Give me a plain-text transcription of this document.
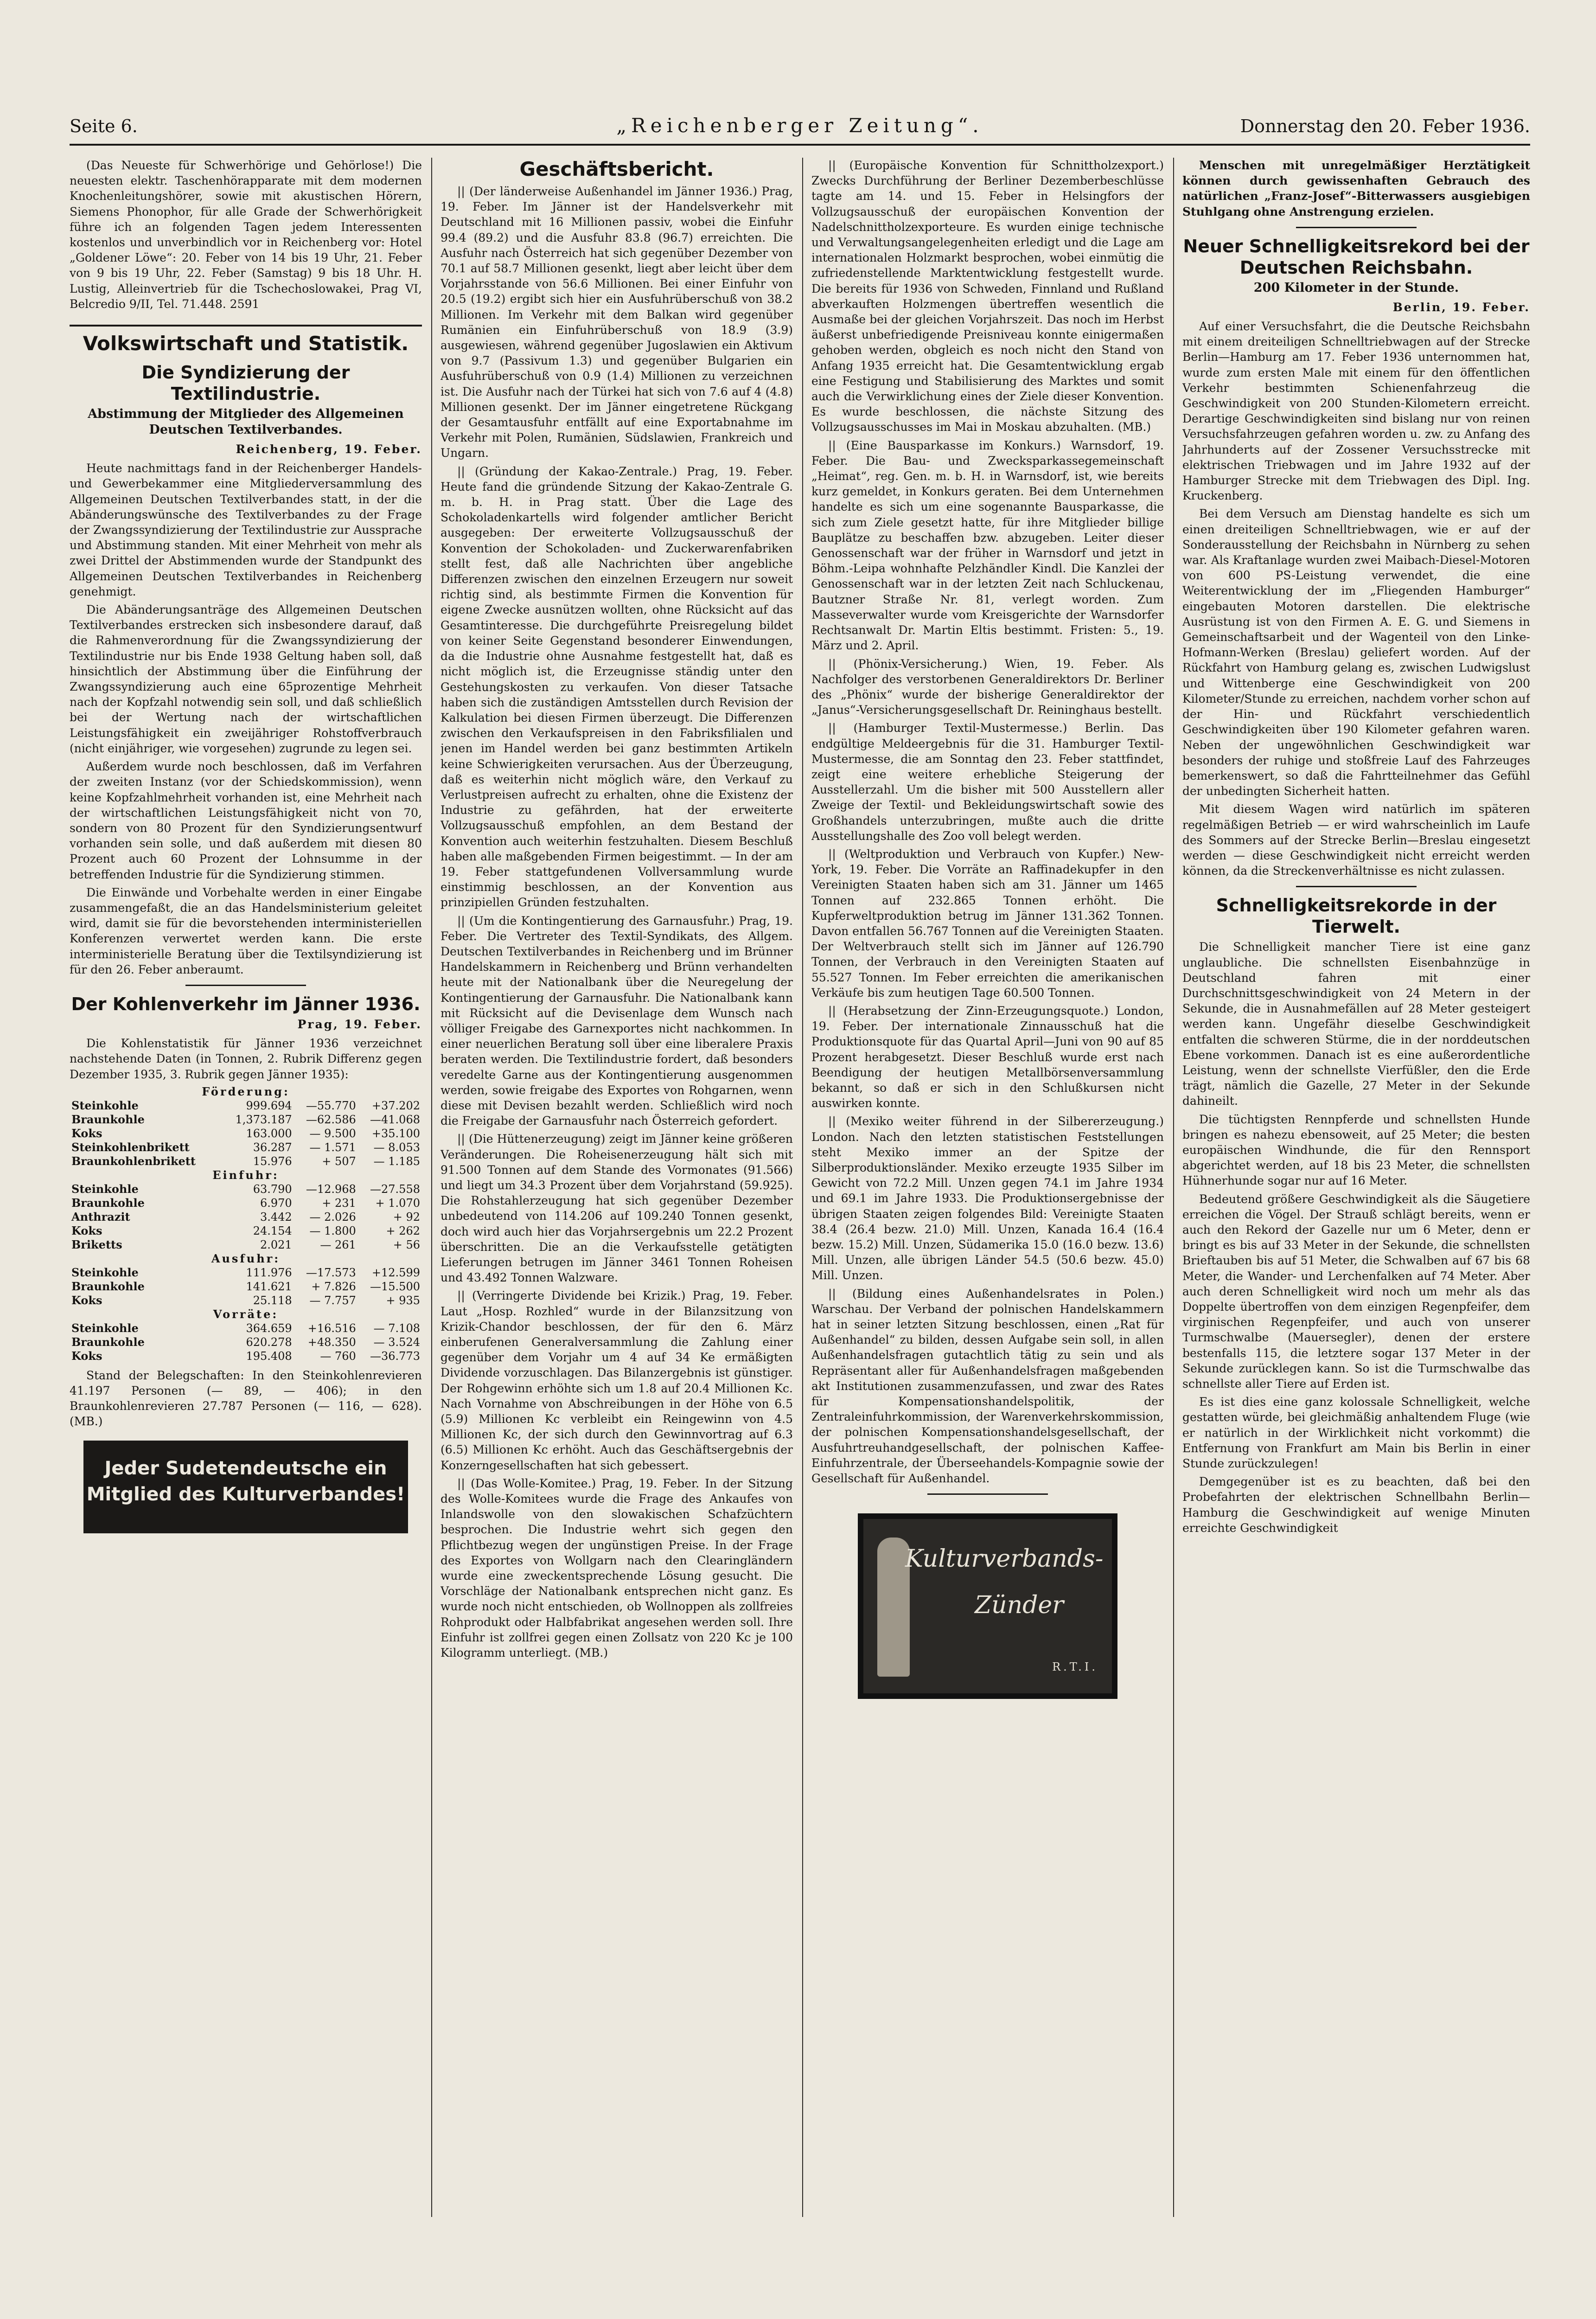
Seite 6.	„Reichenberger Zeitung“.	Donnerstag den 20. Feber 1936.

(Das Neueste für Schwerhörige und Gehörlose!) Die neuesten elektr. Taschenhörapparate mit dem modernen Knochenleitungshörer, sowie mit akustischen Hörern, Siemens Phonophor, für alle Grade der Schwerhörigkeit führe ich an folgenden Tagen jedem Interessenten kostenlos und unverbindlich vor in Reichenberg vor: Hotel „Goldener Löwe“: 20. Feber von 14 bis 19 Uhr, 21. Feber von 9 bis 19 Uhr, 22. Feber (Samstag) 9 bis 18 Uhr. H. Lustig, Alleinvertrieb für die Tschechoslowakei, Prag VI, Belcredio 9/II, Tel. 71.448. 2591

Volkswirtschaft und Statistik.
Die Syndizierung der Textilindustrie.
Abstimmung der Mitglieder des Allgemeinen Deutschen Textilverbandes.
Reichenberg, 19. Feber.

Heute nachmittags fand in der Reichenberger Handels- und Gewerbekammer eine Mitgliederversammlung des Allgemeinen Deutschen Textilverbandes statt, in der die Abänderungswünsche des Textilverbandes zu der Frage der Zwangssyndizierung der Textilindustrie zur Aussprache und Abstimmung standen. Mit einer Mehrheit von mehr als zwei Drittel der Abstimmenden wurde der Standpunkt des Allgemeinen Deutschen Textilverbandes in Reichenberg genehmigt.

Die Abänderungsanträge des Allgemeinen Deutschen Textilverbandes erstrecken sich insbesondere darauf, daß die Rahmenverordnung für die Zwangssyndizierung der Textilindustrie nur bis Ende 1938 Geltung haben soll, daß hinsichtlich der Abstimmung über die Einführung der Zwangssyndizierung auch eine 65prozentige Mehrheit nach der Kopfzahl notwendig sein soll, und daß schließlich bei der Wertung nach der wirtschaftlichen Leistungsfähigkeit ein zweijähriger Rohstoffverbrauch (nicht einjähriger, wie vorgesehen) zugrunde zu legen sei.

Außerdem wurde noch beschlossen, daß im Verfahren der zweiten Instanz (vor der Schiedskommission), wenn keine Kopfzahlmehrheit vorhanden ist, eine Mehrheit nach der wirtschaftlichen Leistungsfähigkeit nicht von 70, sondern von 80 Prozent für den Syndizierungsentwurf vorhanden sein solle, und daß außerdem mit diesen 80 Prozent auch 60 Prozent der Lohnsumme in der betreffenden Industrie für die Syndizierung stimmen.

Die Einwände und Vorbehalte werden in einer Eingabe zusammengefaßt, die an das Handelsministerium geleitet wird, damit sie für die bevorstehenden interministeriellen Konferenzen verwertet werden kann. Die erste interministerielle Beratung über die Textilsyndizierung ist für den 26. Feber anberaumt.

Der Kohlenverkehr im Jänner 1936.
Prag, 19. Feber.

Die Kohlenstatistik für Jänner 1936 verzeichnet nachstehende Daten (in Tonnen, 2. Rubrik Differenz gegen Dezember 1935, 3. Rubrik gegen Jänner 1935):

Förderung:			
Steinkohle	999.694	—55.770	+37.202
Braunkohle	1,373.187	—62.586	—41.068
Koks	163.000	— 9.500	+35.100
Steinkohlenbrikett	36.287	— 1.571	— 8.053
Braunkohlenbrikett	15.976	+ 507	— 1.185
Einfuhr:			
Steinkohle	63.790	—12.968	—27.558
Braunkohle	6.970	+ 231	+ 1.070
Anthrazit	3.442	— 2.026	+ 92
Koks	24.154	— 1.800	+ 262
Briketts	2.021	— 261	+ 56
Ausfuhr:			
Steinkohle	111.976	—17.573	+12.599
Braunkohle	141.621	+ 7.826	—15.500
Koks	25.118	— 7.757	+ 935
Vorräte:			
Steinkohle	364.659	+16.516	— 7.108
Braunkohle	620.278	+48.350	— 3.524
Koks	195.408	— 760	—36.773

Stand der Belegschaften: In den Steinkohlenrevieren 41.197 Personen (— 89, — 406); in den Braunkohlenrevieren 27.787 Personen (— 116, — 628). (MB.)

Jeder Sudetendeutsche ein Mitglied des Kulturverbandes!
Geschäftsbericht.

|| (Der länderweise Außenhandel im Jänner 1936.) Prag, 19. Feber. Im Jänner ist der Handelsverkehr mit Deutschland mit 16 Millionen passiv, wobei die Einfuhr 99.4 (89.2) und die Ausfuhr 83.8 (96.7) erreichten. Die Ausfuhr nach Österreich hat sich gegenüber Dezember von 70.1 auf 58.7 Millionen gesenkt, liegt aber leicht über dem Vorjahrsstande von 56.6 Millionen. Bei einer Einfuhr von 20.5 (19.2) ergibt sich hier ein Ausfuhrüberschuß von 38.2 Millionen. Im Verkehr mit dem Balkan wird gegenüber Rumänien ein Einfuhrüberschuß von 18.9 (3.9) ausgewiesen, während gegenüber Jugoslawien ein Aktivum von 9.7 (Passivum 1.3) und gegenüber Bulgarien ein Ausfuhrüberschuß von 0.9 (1.4) Millionen zu verzeichnen ist. Die Ausfuhr nach der Türkei hat sich von 7.6 auf 4 (4.8) Millionen gesenkt. Der im Jänner eingetretene Rückgang der Gesamtausfuhr entfällt auf eine Exportabnahme im Verkehr mit Polen, Rumänien, Südslawien, Frankreich und Ungarn.

|| (Gründung der Kakao-Zentrale.) Prag, 19. Feber. Heute fand die gründende Sitzung der Kakao-Zentrale G. m. b. H. in Prag statt. Über die Lage des Schokoladenkartells wird folgender amtlicher Bericht ausgegeben: Der erweiterte Vollzugsausschuß der Konvention der Schokoladen- und Zuckerwarenfabriken stellt fest, daß alle Nachrichten über angebliche Differenzen zwischen den einzelnen Erzeugern nur soweit richtig sind, als bestimmte Firmen die Konvention für eigene Zwecke ausnützen wollten, ohne Rücksicht auf das Gesamtinteresse. Die durchgeführte Preisregelung bildet von keiner Seite Gegenstand besonderer Einwendungen, da die Industrie ohne Ausnahme festgestellt hat, daß es nicht möglich ist, die Erzeugnisse ständig unter den Gestehungskosten zu verkaufen. Von dieser Tatsache haben sich die zuständigen Amtsstellen durch Revision der Kalkulation bei diesen Firmen überzeugt. Die Differenzen zwischen den Verkaufspreisen in den Fabriksfilialen und jenen im Handel werden bei ganz bestimmten Artikeln keine Schwierigkeiten verursachen. Aus der Überzeugung, daß es weiterhin nicht möglich wäre, den Verkauf zu Verlustpreisen aufrecht zu erhalten, ohne die Existenz der Industrie zu gefährden, hat der erweiterte Vollzugsausschuß empfohlen, an dem Bestand der Konvention auch weiterhin festzuhalten. Diesem Beschluß haben alle maßgebenden Firmen beigestimmt. — In der am 19. Feber stattgefundenen Vollversammlung wurde einstimmig beschlossen, an der Konvention aus prinzipiellen Gründen festzuhalten.

|| (Um die Kontingentierung des Garnausfuhr.) Prag, 19. Feber. Die Vertreter des Textil-Syndikats, des Allgem. Deutschen Textilverbandes in Reichenberg und im Brünner Handelskammern in Reichenberg und Brünn verhandelten heute mit der Nationalbank über die Neuregelung der Kontingentierung der Garnausfuhr. Die Nationalbank kann mit Rücksicht auf die Devisenlage dem Wunsch nach völliger Freigabe des Garnexportes nicht nachkommen. In einer neuerlichen Beratung soll über eine liberalere Praxis beraten werden. Die Textilindustrie fordert, daß besonders veredelte Garne aus der Kontingentierung ausgenommen werden, sowie freigabe des Exportes von Rohgarnen, wenn diese mit Devisen bezahlt werden. Schließlich wird noch die Freigabe der Garnausfuhr nach Österreich gefordert.

|| (Die Hüttenerzeugung) zeigt im Jänner keine größeren Veränderungen. Die Roheisenerzeugung hält sich mit 91.500 Tonnen auf dem Stande des Vormonates (91.566) und liegt um 34.3 Prozent über dem Vorjahrstand (59.925). Die Rohstahlerzeugung hat sich gegenüber Dezember unbedeutend von 114.206 auf 109.240 Tonnen gesenkt, doch wird auch hier das Vorjahrsergebnis um 22.2 Prozent überschritten. Die an die Verkaufsstelle getätigten Lieferungen betrugen im Jänner 3461 Tonnen Roheisen und 43.492 Tonnen Walzware.

|| (Verringerte Dividende bei Krizik.) Prag, 19. Feber. Laut „Hosp. Rozhled“ wurde in der Bilanzsitzung von Krizik-Chandor beschlossen, der für den 6. März einberufenen Generalversammlung die Zahlung einer gegenüber dem Vorjahr um 4 auf 34 Ke ermäßigten Dividende vorzuschlagen. Das Bilanzergebnis ist günstiger. Der Rohgewinn erhöhte sich um 1.8 auf 20.4 Millionen Kc. Nach Vornahme von Abschreibungen in der Höhe von 6.5 (5.9) Millionen Kc verbleibt ein Reingewinn von 4.5 Millionen Kc, der sich durch den Gewinnvortrag auf 6.3 (6.5) Millionen Kc erhöht. Auch das Geschäftsergebnis der Konzerngesellschaften hat sich gebessert.

|| (Das Wolle-Komitee.) Prag, 19. Feber. In der Sitzung des Wolle-Komitees wurde die Frage des Ankaufes von Inlandswolle von den slowakischen Schafzüchtern besprochen. Die Industrie wehrt sich gegen den Pflichtbezug wegen der ungünstigen Preise. In der Frage des Exportes von Wollgarn nach den Clearingländern wurde eine zweckentsprechende Lösung gesucht. Die Vorschläge der Nationalbank entsprechen nicht ganz. Es wurde noch nicht entschieden, ob Wollnoppen als zollfreies Rohprodukt oder Halbfabrikat angesehen werden soll. Ihre Einfuhr ist zollfrei gegen einen Zollsatz von 220 Kc je 100 Kilogramm unterliegt. (MB.)

|| (Europäische Konvention für Schnittholzexport.) Zwecks Durchführung der Berliner Dezemberbeschlüsse tagte am 14. und 15. Feber in Helsingfors der Vollzugsausschuß der europäischen Konvention der Nadelschnittholzexporteure. Es wurden einige technische und Verwaltungsangelegenheiten erledigt und die Lage am internationalen Holzmarkt besprochen, wobei einmütig die zufriedenstellende Marktentwicklung festgestellt wurde. Die bereits für 1936 von Schweden, Finnland und Rußland abverkauften Holzmengen übertreffen wesentlich die Ausmaße bei der gleichen Vorjahrszeit. Das noch im Herbst äußerst unbefriedigende Preisniveau konnte einigermaßen gehoben werden, obgleich es noch nicht den Stand von Anfang 1935 erreicht hat. Die Gesamtentwicklung ergab eine Festigung und Stabilisierung des Marktes und somit auch die Verwirklichung eines der Ziele dieser Konvention. Es wurde beschlossen, die nächste Sitzung des Vollzugsausschusses im Mai in Moskau abzuhalten. (MB.)

|| (Eine Bausparkasse im Konkurs.) Warnsdorf, 19. Feber. Die Bau- und Zwecksparkassegemeinschaft „Heimat“, reg. Gen. m. b. H. in Warnsdorf, ist, wie bereits kurz gemeldet, in Konkurs geraten. Bei dem Unternehmen handelte es sich um eine sogenannte Bausparkasse, die sich zum Ziele gesetzt hatte, für ihre Mitglieder billige Bauplätze zu beschaffen bzw. abzugeben. Leiter dieser Genossenschaft war der früher in Warnsdorf und jetzt in Böhm.-Leipa wohnhafte Pelzhändler Kindl. Die Kanzlei der Genossenschaft war in der letzten Zeit nach Schluckenau, Bautzner Straße Nr. 81, verlegt worden. Zum Masseverwalter wurde vom Kreisgerichte der Warnsdorfer Rechtsanwalt Dr. Martin Eltis bestimmt. Fristen: 5., 19. März und 2. April.

|| (Phönix-Versicherung.) Wien, 19. Feber. Als Nachfolger des verstorbenen Generaldirektors Dr. Berliner des „Phönix“ wurde der bisherige Generaldirektor der „Janus“-Versicherungsgesellschaft Dr. Reininghaus bestellt.

|| (Hamburger Textil-Mustermesse.) Berlin. Das endgültige Meldeergebnis für die 31. Hamburger Textil-Mustermesse, die am Sonntag den 23. Feber stattfindet, zeigt eine weitere erhebliche Steigerung der Ausstellerzahl. Um die bisher mit 500 Ausstellern aller Zweige der Textil- und Bekleidungswirtschaft sowie des Großhandels unterzubringen, mußte auch die dritte Ausstellungshalle des Zoo voll belegt werden.

|| (Weltproduktion und Verbrauch von Kupfer.) New-York, 19. Feber. Die Vorräte an Raffinadekupfer in den Vereinigten Staaten haben sich am 31. Jänner um 1465 Tonnen auf 232.865 Tonnen erhöht. Die Kupferweltproduktion betrug im Jänner 131.362 Tonnen. Davon entfallen 56.767 Tonnen auf die Vereinigten Staaten. Der Weltverbrauch stellt sich im Jänner auf 126.790 Tonnen, der Verbrauch in den Vereinigten Staaten auf 55.527 Tonnen. Im Feber erreichten die amerikanischen Verkäufe bis zum heutigen Tage 60.500 Tonnen.

|| (Herabsetzung der Zinn-Erzeugungsquote.) London, 19. Feber. Der internationale Zinnausschuß hat die Produktionsquote für das Quartal April—Juni von 90 auf 85 Prozent herabgesetzt. Dieser Beschluß wurde erst nach Beendigung der heutigen Metallbörsenversammlung bekannt, so daß er sich in den Schlußkursen nicht auswirken konnte.

|| (Mexiko weiter führend in der Silbererzeugung.) London. Nach den letzten statistischen Feststellungen steht Mexiko immer an der Spitze der Silberproduktionsländer. Mexiko erzeugte 1935 Silber im Gewicht von 72.2 Mill. Unzen gegen 74.1 im Jahre 1934 und 69.1 im Jahre 1933. Die Produktionsergebnisse der übrigen Staaten zeigen folgendes Bild: Vereinigte Staaten 38.4 (26.4 bezw. 21.0) Mill. Unzen, Kanada 16.4 (16.4 bezw. 15.2) Mill. Unzen, Südamerika 15.0 (16.0 bezw. 13.6) Mill. Unzen, alle übrigen Länder 54.5 (50.6 bezw. 45.0) Mill. Unzen.

|| (Bildung eines Außenhandelsrates in Polen.) Warschau. Der Verband der polnischen Handelskammern hat in seiner letzten Sitzung beschlossen, einen „Rat für Außenhandel“ zu bilden, dessen Aufgabe sein soll, in allen Außenhandelsfragen gutachtlich tätig zu sein und als Repräsentant aller für Außenhandelsfragen maßgebenden akt Institutionen zusammenzufassen, und zwar des Rates für Kompensationshandelspolitik, der Zentraleinfuhrkommission, der Warenverkehrskommission, der polnischen Kompensationshandelsgesellschaft, der Ausfuhrtreuhandgesellschaft, der polnischen Kaffee-Einfuhrzentrale, der Überseehandels-Kompagnie sowie der Gesellschaft für Außenhandel.

Kulturverbands-
Zünder
R.T.I.

Menschen mit unregelmäßiger Herztätigkeit können durch gewissenhaften Gebrauch des natürlichen „Franz-Josef“-Bitterwassers ausgiebigen Stuhlgang ohne Anstrengung erzielen.

Neuer Schnelligkeitsrekord bei der Deutschen Reichsbahn.
200 Kilometer in der Stunde.
Berlin, 19. Feber.

Auf einer Versuchsfahrt, die die Deutsche Reichsbahn mit einem dreiteiligen Schnelltriebwagen auf der Strecke Berlin—Hamburg am 17. Feber 1936 unternommen hat, wurde zum ersten Male mit einem für den öffentlichen Verkehr bestimmten Schienenfahrzeug die Geschwindigkeit von 200 Stunden-Kilometern erreicht. Derartige Geschwindigkeiten sind bislang nur von reinen Versuchsfahrzeugen gefahren worden u. zw. zu Anfang des Jahrhunderts auf der Zossener Versuchsstrecke mit elektrischen Triebwagen und im Jahre 1932 auf der Hamburger Strecke mit dem Triebwagen des Dipl. Ing. Kruckenberg.

Bei dem Versuch am Dienstag handelte es sich um einen dreiteiligen Schnelltriebwagen, wie er auf der Sonderausstellung der Reichsbahn in Nürnberg zu sehen war. Als Kraftanlage wurden zwei Maibach-Diesel-Motoren von 600 PS-Leistung verwendet, die eine Weiterentwicklung der im „Fliegenden Hamburger“ eingebauten Motoren darstellen. Die elektrische Ausrüstung ist von den Firmen A. E. G. und Siemens in Gemeinschaftsarbeit und der Wagenteil von den Linke-Hofmann-Werken (Breslau) geliefert worden. Auf der Rückfahrt von Hamburg gelang es, zwischen Ludwigslust und Wittenberge eine Geschwindigkeit von 200 Kilometer/Stunde zu erreichen, nachdem vorher schon auf der Hin- und Rückfahrt verschiedentlich Geschwindigkeiten über 190 Kilometer gefahren waren. Neben der ungewöhnlichen Geschwindigkeit war besonders der ruhige und stoßfreie Lauf des Fahrzeuges bemerkenswert, so daß die Fahrtteilnehmer das Gefühl der unbedingten Sicherheit hatten.

Mit diesem Wagen wird natürlich im späteren regelmäßigen Betrieb — er wird wahrscheinlich im Laufe des Sommers auf der Strecke Berlin—Breslau eingesetzt werden — diese Geschwindigkeit nicht erreicht werden können, da die Streckenverhältnisse es nicht zulassen.

Schnelligkeitsrekorde in der Tierwelt.

Die Schnelligkeit mancher Tiere ist eine ganz unglaubliche. Die schnellsten Eisenbahnzüge in Deutschland fahren mit einer Durchschnittsgeschwindigkeit von 24 Metern in der Sekunde, die in Ausnahmefällen auf 28 Meter gesteigert werden kann. Ungefähr dieselbe Geschwindigkeit entfalten die schweren Stürme, die in der norddeutschen Ebene vorkommen. Danach ist es eine außerordentliche Leistung, wenn der schnellste Vierfüßler, den die Erde trägt, nämlich die Gazelle, 27 Meter in der Sekunde dahineilt.

Die tüchtigsten Rennpferde und schnellsten Hunde bringen es nahezu ebensoweit, auf 25 Meter; die besten europäischen Windhunde, die für den Rennsport abgerichtet werden, auf 18 bis 23 Meter, die schnellsten Hühnerhunde sogar nur auf 16 Meter.

Bedeutend größere Geschwindigkeit als die Säugetiere erreichen die Vögel. Der Strauß schlägt bereits, wenn er auch den Rekord der Gazelle nur um 6 Meter, denn er bringt es bis auf 33 Meter in der Sekunde, die schnellsten Brieftauben bis auf 51 Meter, die Schwalben auf 67 bis 68 Meter, die Wander- und Lerchenfalken auf 74 Meter. Aber auch deren Schnelligkeit wird noch um mehr als das Doppelte übertroffen von dem einzigen Regenpfeifer, dem virginischen Regenpfeifer, und auch von unserer Turmschwalbe (Mauersegler), denen der erstere bestenfalls 115, die letztere sogar 137 Meter in der Sekunde zurücklegen kann. So ist die Turmschwalbe das schnellste aller Tiere auf Erden ist.

Es ist dies eine ganz kolossale Schnelligkeit, welche gestatten würde, bei gleichmäßig anhaltendem Fluge (wie er natürlich in der Wirklichkeit nicht vorkommt) die Entfernung von Frankfurt am Main bis Berlin in einer Stunde zurückzulegen!

Demgegenüber ist es zu beachten, daß bei den Probefahrten der elektrischen Schnellbahn Berlin—Hamburg die Geschwindigkeit auf wenige Minuten erreichte Geschwindigkeit
